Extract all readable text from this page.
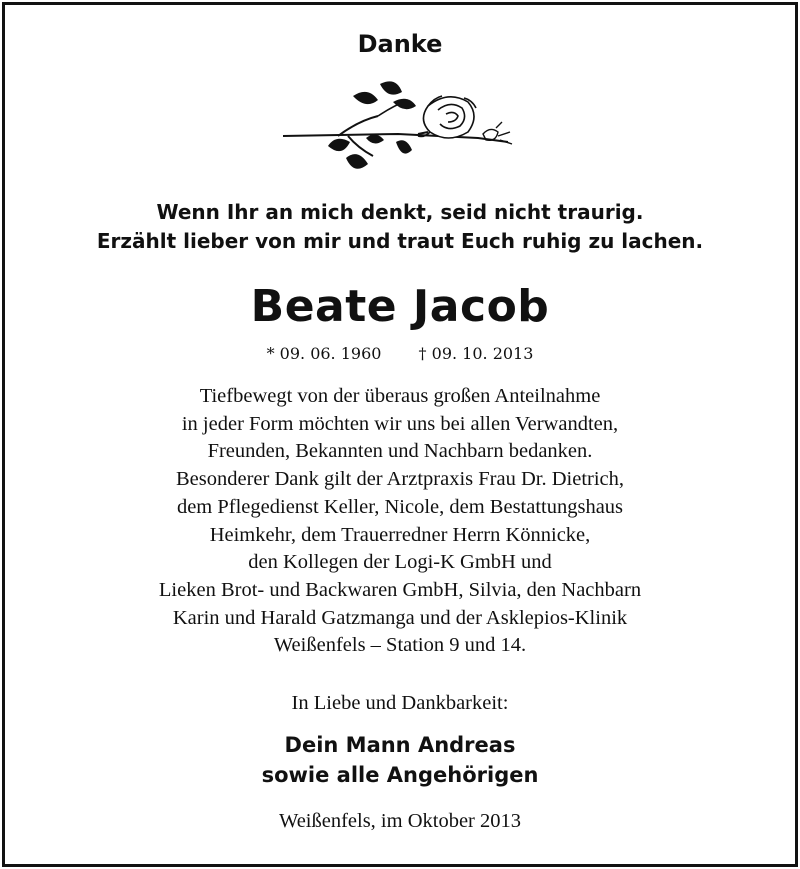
Danke
Wenn Ihr an mich denkt, seid nicht traurig.
Erzählt lieber von mir und traut Euch ruhig zu lachen.
Beate Jacob
* 09. 06. 1960 † 09. 10. 2013
Tiefbewegt von der überaus großen Anteilnahme
in jeder Form möchten wir uns bei allen Verwandten,
Freunden, Bekannten und Nachbarn bedanken.
Besonderer Dank gilt der Arztpraxis Frau Dr. Dietrich,
dem Pflegedienst Keller, Nicole, dem Bestattungshaus
Heimkehr, dem Trauerredner Herrn Könnicke,
den Kollegen der Logi-K GmbH und
Lieken Brot- und Backwaren GmbH, Silvia, den Nachbarn
Karin und Harald Gatzmanga und der Asklepios-Klinik
Weißenfels – Station 9 und 14.
In Liebe und Dankbarkeit:
Dein Mann Andreas
sowie alle Angehörigen
Weißenfels, im Oktober 2013
